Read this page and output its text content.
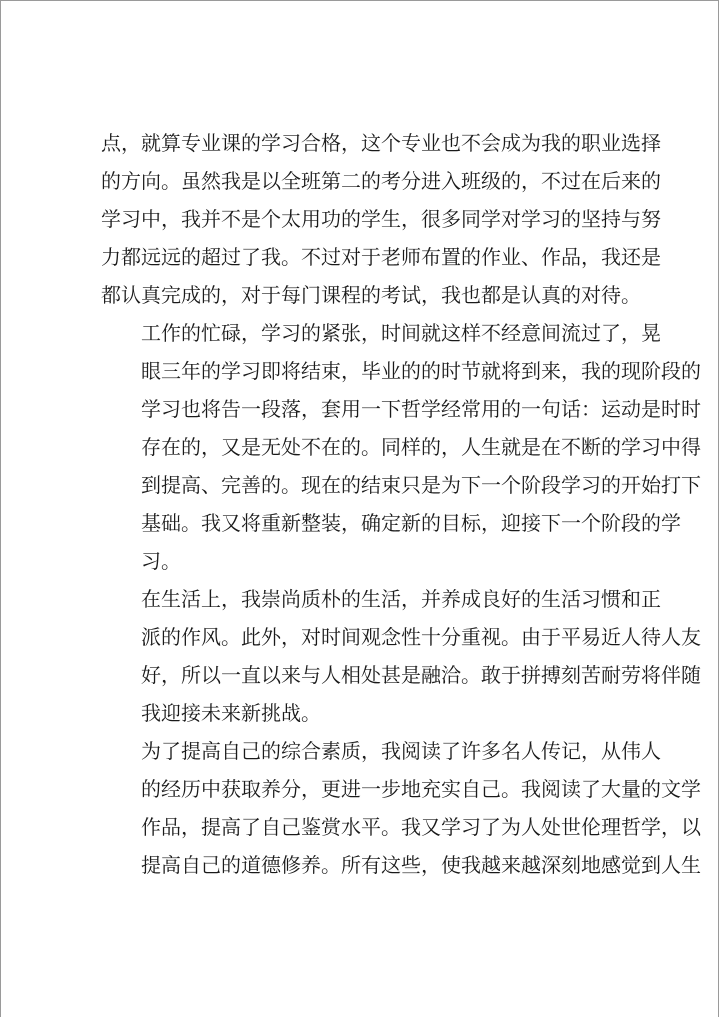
点，就算专业课的学习合格，这个专业也不会成为我的职业选择
的方向。虽然我是以全班第二的考分进入班级的，不过在后来的
学习中，我并不是个太用功的学生，很多同学对学习的坚持与努
力都远远的超过了我。不过对于老师布置的作业、作品，我还是
都认真完成的，对于每门课程的考试，我也都是认真的对待。

工作的忙碌，学习的紧张，时间就这样不经意间流过了，晃
眼三年的学习即将结束，毕业的的时节就将到来，我的现阶段的
学习也将告一段落，套用一下哲学经常用的一句话：运动是时时
存在的，又是无处不在的。同样的，人生就是在不断的学习中得
到提高、完善的。现在的结束只是为下一个阶段学习的开始打下
基础。我又将重新整装，确定新的目标，迎接下一个阶段的学
习。

在生活上，我崇尚质朴的生活，并养成良好的生活习惯和正
派的作风。此外，对时间观念性十分重视。由于平易近人待人友
好，所以一直以来与人相处甚是融洽。敢于拼搏刻苦耐劳将伴随
我迎接未来新挑战。

为了提高自己的综合素质，我阅读了许多名人传记，从伟人
的经历中获取养分，更进一步地充实自己。我阅读了大量的文学
作品，提高了自己鉴赏水平。我又学习了为人处世伦理哲学，以
提高自己的道德修养。所有这些，使我越来越深刻地感觉到人生
